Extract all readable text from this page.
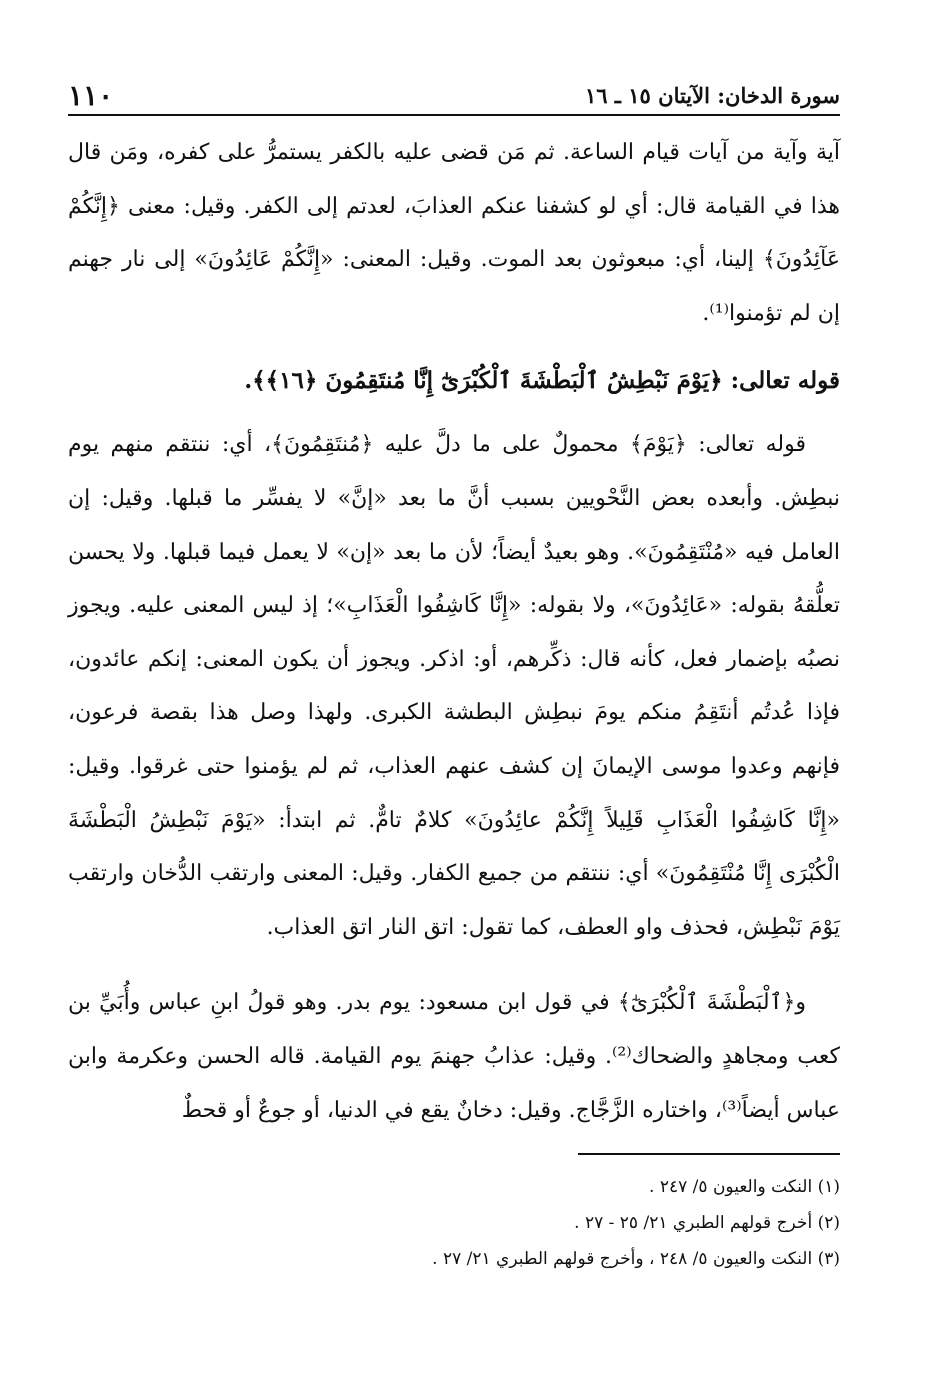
سورة الدخان: الآيتان ١٥ ـ ١٦
١١٠

آية وآية من آيات قيام الساعة. ثم مَن قضى عليه بالكفر يستمرُّ على كفره، ومَن قال هذا في القيامة قال: أي لو كشفنا عنكم العذابَ، لعدتم إلى الكفر. وقيل: معنى ﴿إِنَّكُمْ عَآئِدُونَ﴾ إلينا، أي: مبعوثون بعد الموت. وقيل: المعنى: «إِنَّكُمْ عَائِدُونَ» إلى نار جهنم إن لم تؤمنوا⁽¹⁾.

قوله تعالى: ﴿يَوْمَ نَبْطِشُ ٱلْبَطْشَةَ ٱلْكُبْرَىٰٓ إِنَّا مُنتَقِمُونَ ﴿١٦﴾﴾.

قوله تعالى: ﴿يَوْمَ﴾ محمولٌ على ما دلَّ عليه ﴿مُنتَقِمُونَ﴾، أي: ننتقم منهم يوم نبطِش. وأبعده بعض النَّحْويين بسبب أنَّ ما بعد «إنَّ» لا يفسِّر ما قبلها. وقيل: إن العامل فيه «مُنْتَقِمُونَ». وهو بعيدٌ أيضاً؛ لأن ما بعد «إن» لا يعمل فيما قبلها. ولا يحسن تعلُّقهُ بقوله: «عَائِدُونَ»، ولا بقوله: «إِنَّا كَاشِفُوا الْعَذَابِ»؛ إذ ليس المعنى عليه. ويجوز نصبُه بإضمار فعل، كأنه قال: ذكِّرهم، أو: اذكر. ويجوز أن يكون المعنى: إنكم عائدون، فإذا عُدتُم أنتَقِمُ منكم يومَ نبطِش البطشة الكبرى. ولهذا وصل هذا بقصة فرعون، فإنهم وعدوا موسى الإيمانَ إن كشف عنهم العذاب، ثم لم يؤمنوا حتى غرقوا. وقيل: «إِنَّا كَاشِفُوا الْعَذَابِ قَلِيلاً إِنَّكُمْ عائِدُونَ» كلامٌ تامٌّ. ثم ابتدأ: «يَوْمَ نَبْطِشُ الْبَطْشَةَ الْكُبْرَى إِنَّا مُنْتَقِمُونَ» أي: ننتقم من جميع الكفار. وقيل: المعنى وارتقب الدُّخان وارتقب يَوْمَ نَبْطِش، فحذف واو العطف، كما تقول: اتق النار اتق العذاب.

و﴿ٱلْبَطْشَةَ ٱلْكُبْرَىٰٓ﴾ في قول ابن مسعود: يوم بدر. وهو قولُ ابنِ عباس وأُبَيِّ بن كعب ومجاهدٍ والضحاك⁽²⁾. وقيل: عذابُ جهنمَ يوم القيامة. قاله الحسن وعكرمة وابن عباس أيضاً⁽³⁾، واختاره الزَّجَّاج. وقيل: دخانٌ يقع في الدنيا، أو جوعٌ أو قحطٌ

(١) النكت والعيون ٥/ ٢٤٧ .

(٢) أخرج قولهم الطبري ٢١/ ٢٥ - ٢٧ .

(٣) النكت والعيون ٥/ ٢٤٨ ، وأخرج قولهم الطبري ٢١/ ٢٧ .
